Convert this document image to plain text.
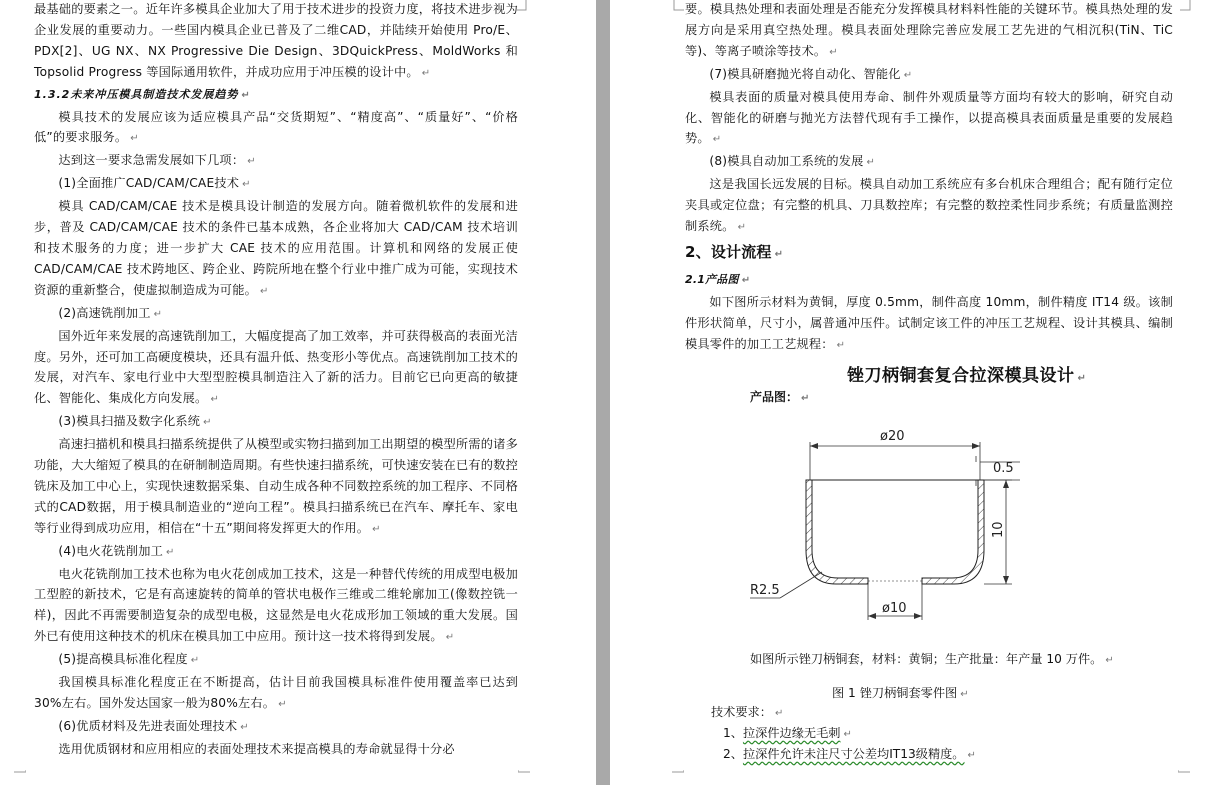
最基础的要素之一。近年许多模具企业加大了用于技术进步的投资力度，将技术进步视为企业发展的重要动力。一些国内模具企业已普及了二维CAD，并陆续开始使用 Pro/E、PDX[2]、UG NX、NX Progressive Die Design、3DQuickPress、MoldWorks 和 Topsolid Progress 等国际通用软件，并成功应用于冲压模的设计中。 ↵

1.3.2未来冲压模具制造技术发展趋势 ↵

模具技术的发展应该为适应模具产品“交货期短”、“精度高”、“质量好”、“价格低”的要求服务。 ↵

达到这一要求急需发展如下几项： ↵

(1)全面推广CAD/CAM/CAE技术 ↵

模具 CAD/CAM/CAE 技术是模具设计制造的发展方向。随着微机软件的发展和进步，普及 CAD/CAM/CAE 技术的条件已基本成熟，各企业将加大 CAD/CAM 技术培训和技术服务的力度；进一步扩大 CAE 技术的应用范围。计算机和网络的发展正使 CAD/CAM/CAE 技术跨地区、跨企业、跨院所地在整个行业中推广成为可能，实现技术资源的重新整合，使虚拟制造成为可能。 ↵

(2)高速铣削加工 ↵

国外近年来发展的高速铣削加工，大幅度提高了加工效率，并可获得极高的表面光洁度。另外，还可加工高硬度模块，还具有温升低、热变形小等优点。高速铣削加工技术的发展，对汽车、家电行业中大型型腔模具制造注入了新的活力。目前它已向更高的敏捷化、智能化、集成化方向发展。 ↵

(3)模具扫描及数字化系统 ↵

高速扫描机和模具扫描系统提供了从模型或实物扫描到加工出期望的模型所需的诸多功能，大大缩短了模具的在研制制造周期。有些快速扫描系统，可快速安装在已有的数控铣床及加工中心上，实现快速数据采集、自动生成各种不同数控系统的加工程序、不同格式的CAD数据，用于模具制造业的“逆向工程”。模具扫描系统已在汽车、摩托车、家电等行业得到成功应用，相信在“十五”期间将发挥更大的作用。 ↵

(4)电火花铣削加工 ↵

电火花铣削加工技术也称为电火花创成加工技术，这是一种替代传统的用成型电极加工型腔的新技术，它是有高速旋转的简单的管状电极作三维或二维轮廓加工(像数控铣一样)，因此不再需要制造复杂的成型电极，这显然是电火花成形加工领域的重大发展。国外已有使用这种技术的机床在模具加工中应用。预计这一技术将得到发展。 ↵

(5)提高模具标准化程度 ↵

我国模具标准化程度正在不断提高，估计目前我国模具标准件使用覆盖率已达到30%左右。国外发达国家一般为80%左右。 ↵

(6)优质材料及先进表面处理技术 ↵

选用优质钢材和应用相应的表面处理技术来提高模具的寿命就显得十分必

要。模具热处理和表面处理是否能充分发挥模具材料料性能的关键环节。模具热处理的发展方向是采用真空热处理。模具表面处理除完善应发展工艺先进的气相沉积(TiN、TiC等)、等离子喷涂等技术。 ↵

(7)模具研磨抛光将自动化、智能化 ↵

模具表面的质量对模具使用寿命、制件外观质量等方面均有较大的影响，研究自动化、智能化的研磨与抛光方法替代现有手工操作，以提高模具表面质量是重要的发展趋势。 ↵

(8)模具自动加工系统的发展 ↵

这是我国长远发展的目标。模具自动加工系统应有多台机床合理组合；配有随行定位夹具或定位盘；有完整的机具、刀具数控库；有完整的数控柔性同步系统；有质量监测控制系统。 ↵

2、设计流程 ↵

2.1产品图 ↵

如下图所示材料为黄铜，厚度 0.5mm，制件高度 10mm，制件精度 IT14 级。该制件形状简单，尺寸小，属普通冲压件。试制定该工件的冲压工艺规程、设计其模具、编制模具零件的加工工艺规程： ↵

锉刀柄铜套复合拉深模具设计 ↵
产品图： ↵
ø20
0.5
10
R2.5
ø10
如图所示锉刀柄铜套，材料：黄铜；生产批量：年产量 10 万件。 ↵
图 1 锉刀柄铜套零件图 ↵
技术要求： ↵
1、拉深件边缘无毛刺 ↵
2、拉深件允许未注尺寸公差均IT13级精度。 ↵
